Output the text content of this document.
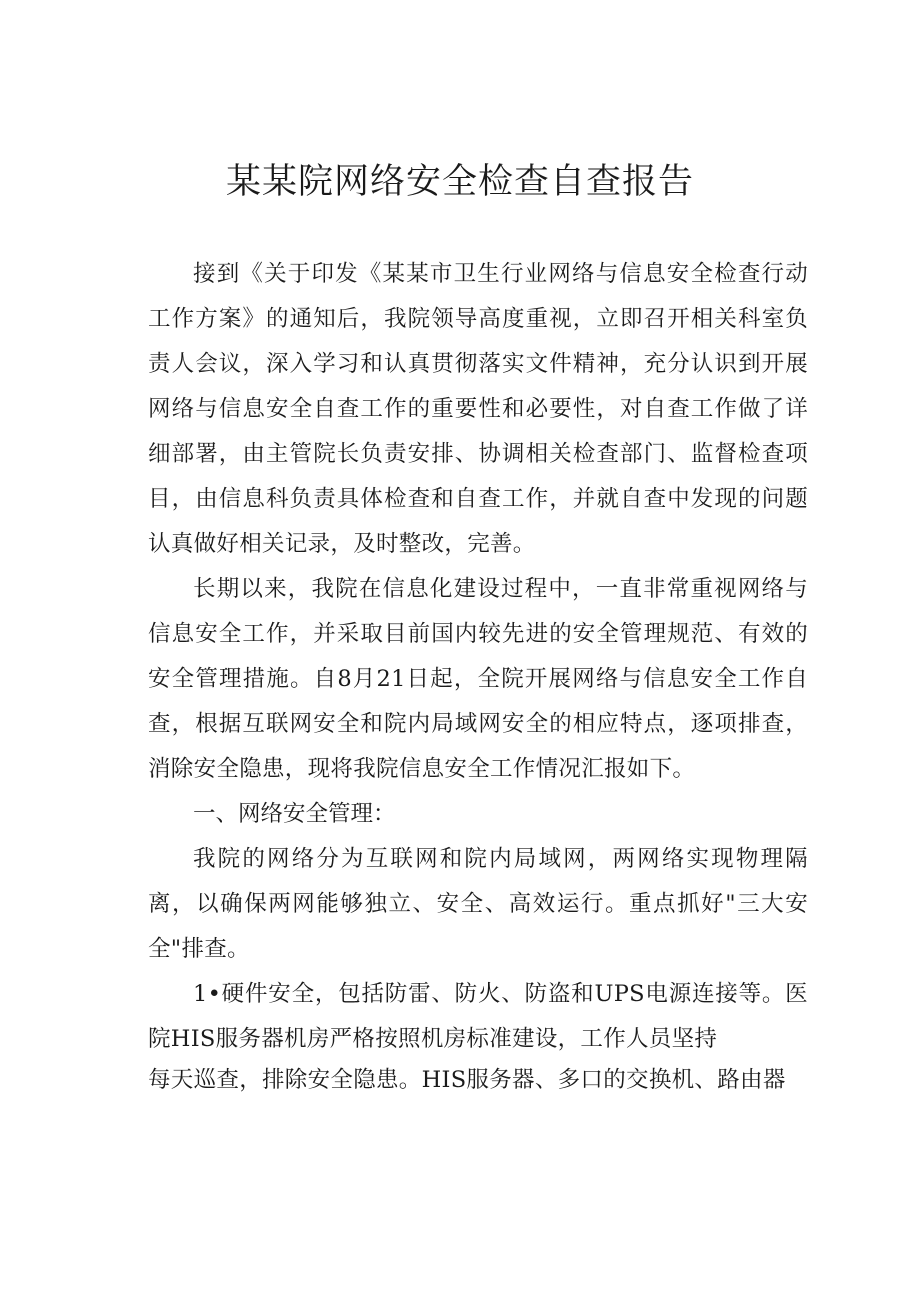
某某院网络安全检查自查报告

接到《关于印发《某某市卫生行业网络与信息安全检查行动工作方案》的通知后，我院领导高度重视，立即召开相关科室负责人会议，深入学习和认真贯彻落实文件精神，充分认识到开展网络与信息安全自查工作的重要性和必要性，对自查工作做了详细部署，由主管院长负责安排、协调相关检查部门、监督检查项目，由信息科负责具体检查和自查工作，并就自查中发现的问题认真做好相关记录，及时整改，完善。

长期以来，我院在信息化建设过程中，一直非常重视网络与信息安全工作，并采取目前国内较先进的安全管理规范、有效的安全管理措施。自8月21日起，全院开展网络与信息安全工作自查，根据互联网安全和院内局域网安全的相应特点，逐项排查，消除安全隐患，现将我院信息安全工作情况汇报如下。

一、网络安全管理：

我院的网络分为互联网和院内局域网，两网络实现物理隔离，以确保两网能够独立、安全、高效运行。重点抓好"三大安全"排查。

1•硬件安全，包括防雷、防火、防盗和UPS电源连接等。医院HIS服务器机房严格按照机房标准建设，工作人员坚持

每天巡查，排除安全隐患。HIS服务器、多口的交换机、路由器
